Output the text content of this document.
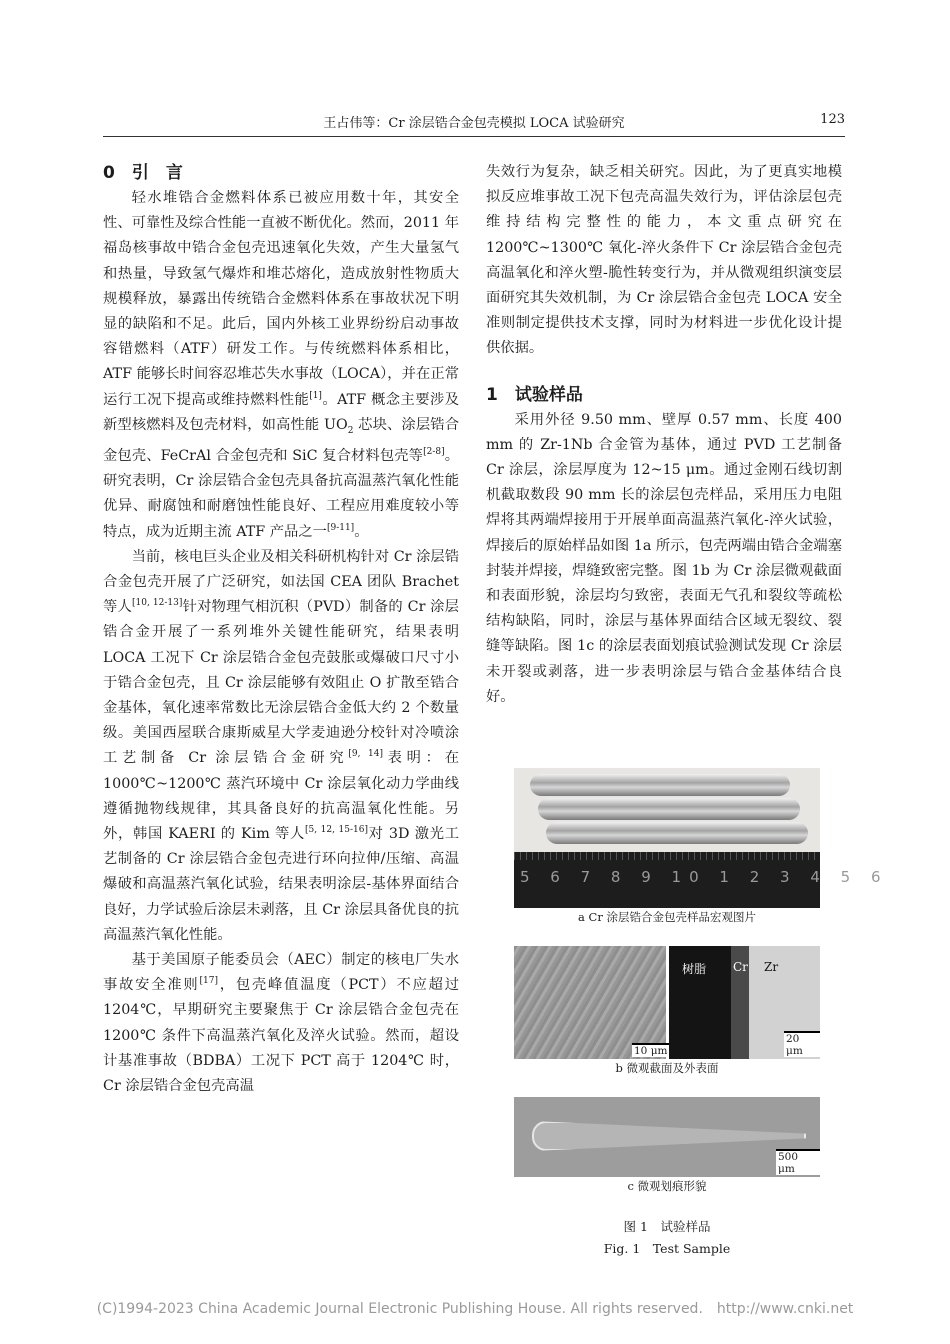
王占伟等：Cr 涂层锆合金包壳模拟 LOCA 试验研究	123
0　引　言

轻水堆锆合金燃料体系已被应用数十年，其安全性、可靠性及综合性能一直被不断优化。然而，2011 年福岛核事故中锆合金包壳迅速氧化失效，产生大量氢气和热量，导致氢气爆炸和堆芯熔化，造成放射性物质大规模释放，暴露出传统锆合金燃料体系在事故状况下明显的缺陷和不足。此后，国内外核工业界纷纷启动事故容错燃料（ATF）研发工作。与传统燃料体系相比，ATF 能够长时间容忍堆芯失水事故（LOCA），并在正常运行工况下提高或维持燃料性能[1]。ATF 概念主要涉及新型核燃料及包壳材料，如高性能 $UO_2$ 芯块、涂层锆合金包壳、FeCrAl 合金包壳和 SiC 复合材料包壳等[2-8]。研究表明，Cr 涂层锆合金包壳具备抗高温蒸汽氧化性能优异、耐腐蚀和耐磨蚀性能良好、工程应用难度较小等特点，成为近期主流 ATF 产品之一[9-11]。

当前，核电巨头企业及相关科研机构针对 Cr 涂层锆合金包壳开展了广泛研究，如法国 CEA 团队 Brachet 等人[10, 12-13]针对物理气相沉积（PVD）制备的 Cr 涂层锆合金开展了一系列堆外关键性能研究，结果表明 LOCA 工况下 Cr 涂层锆合金包壳鼓胀或爆破口尺寸小于锆合金包壳，且 Cr 涂层能够有效阻止 O 扩散至锆合金基体，氧化速率常数比无涂层锆合金低大约 2 个数量级。美国西屋联合康斯威星大学麦迪逊分校针对冷喷涂工艺制备 Cr 涂层锆合金研究[9, 14]表明：在 1000℃~1200℃ 蒸汽环境中 Cr 涂层氧化动力学曲线遵循抛物线规律，其具备良好的抗高温氧化性能。另外，韩国 KAERI 的 Kim 等人[5, 12, 15-16]对 3D 激光工艺制备的 Cr 涂层锆合金包壳进行环向拉伸/压缩、高温爆破和高温蒸汽氧化试验，结果表明涂层-基体界面结合良好，力学试验后涂层未剥落，且 Cr 涂层具备优良的抗高温蒸汽氧化性能。

基于美国原子能委员会（AEC）制定的核电厂失水事故安全准则[17]，包壳峰值温度（PCT）不应超过 1204℃，早期研究主要聚焦于 Cr 涂层锆合金包壳在 1200℃ 条件下高温蒸汽氧化及淬火试验。然而，超设计基准事故（BDBA）工况下 PCT 高于 1204℃ 时，Cr 涂层锆合金包壳高温

失效行为复杂，缺乏相关研究。因此，为了更真实地模拟反应堆事故工况下包壳高温失效行为，评估涂层包壳维持结构完整性的能力，本文重点研究在 1200℃~1300℃ 氧化-淬火条件下 Cr 涂层锆合金包壳高温氧化和淬火塑-脆性转变行为，并从微观组织演变层面研究其失效机制，为 Cr 涂层锆合金包壳 LOCA 安全准则制定提供技术支撑，同时为材料进一步优化设计提供依据。

1　试验样品

采用外径 9.50 mm、壁厚 0.57 mm、长度 400 mm 的 Zr-1Nb 合金管为基体，通过 PVD 工艺制备 Cr 涂层，涂层厚度为 12~15 μm。通过金刚石线切割机截取数段 90 mm 长的涂层包壳样品，采用压力电阻焊将其两端焊接用于开展单面高温蒸汽氧化-淬火试验，焊接后的原始样品如图 1a 所示，包壳两端由锆合金端塞封装并焊接，焊缝致密完整。图 1b 为 Cr 涂层微观截面和表面形貌，涂层均匀致密，表面无气孔和裂纹等疏松结构缺陷，同时，涂层与基体界面结合区域无裂纹、裂缝等缺陷。图 1c 的涂层表面划痕试验测试发现 Cr 涂层未开裂或剥落，进一步表明涂层与锆合金基体结合良好。

5 6 7 8 9 10 1 2 3 4 5 6
a Cr 涂层锆合金包壳样品宏观图片
树脂 Cr Zr
10 μm
20 μm
b 微观截面及外表面
500 μm
c 微观划痕形貌
图 1　试验样品
Fig. 1　Test Sample
(C)1994-2023 China Academic Journal Electronic Publishing House. All rights reserved.　http://www.cnki.net
